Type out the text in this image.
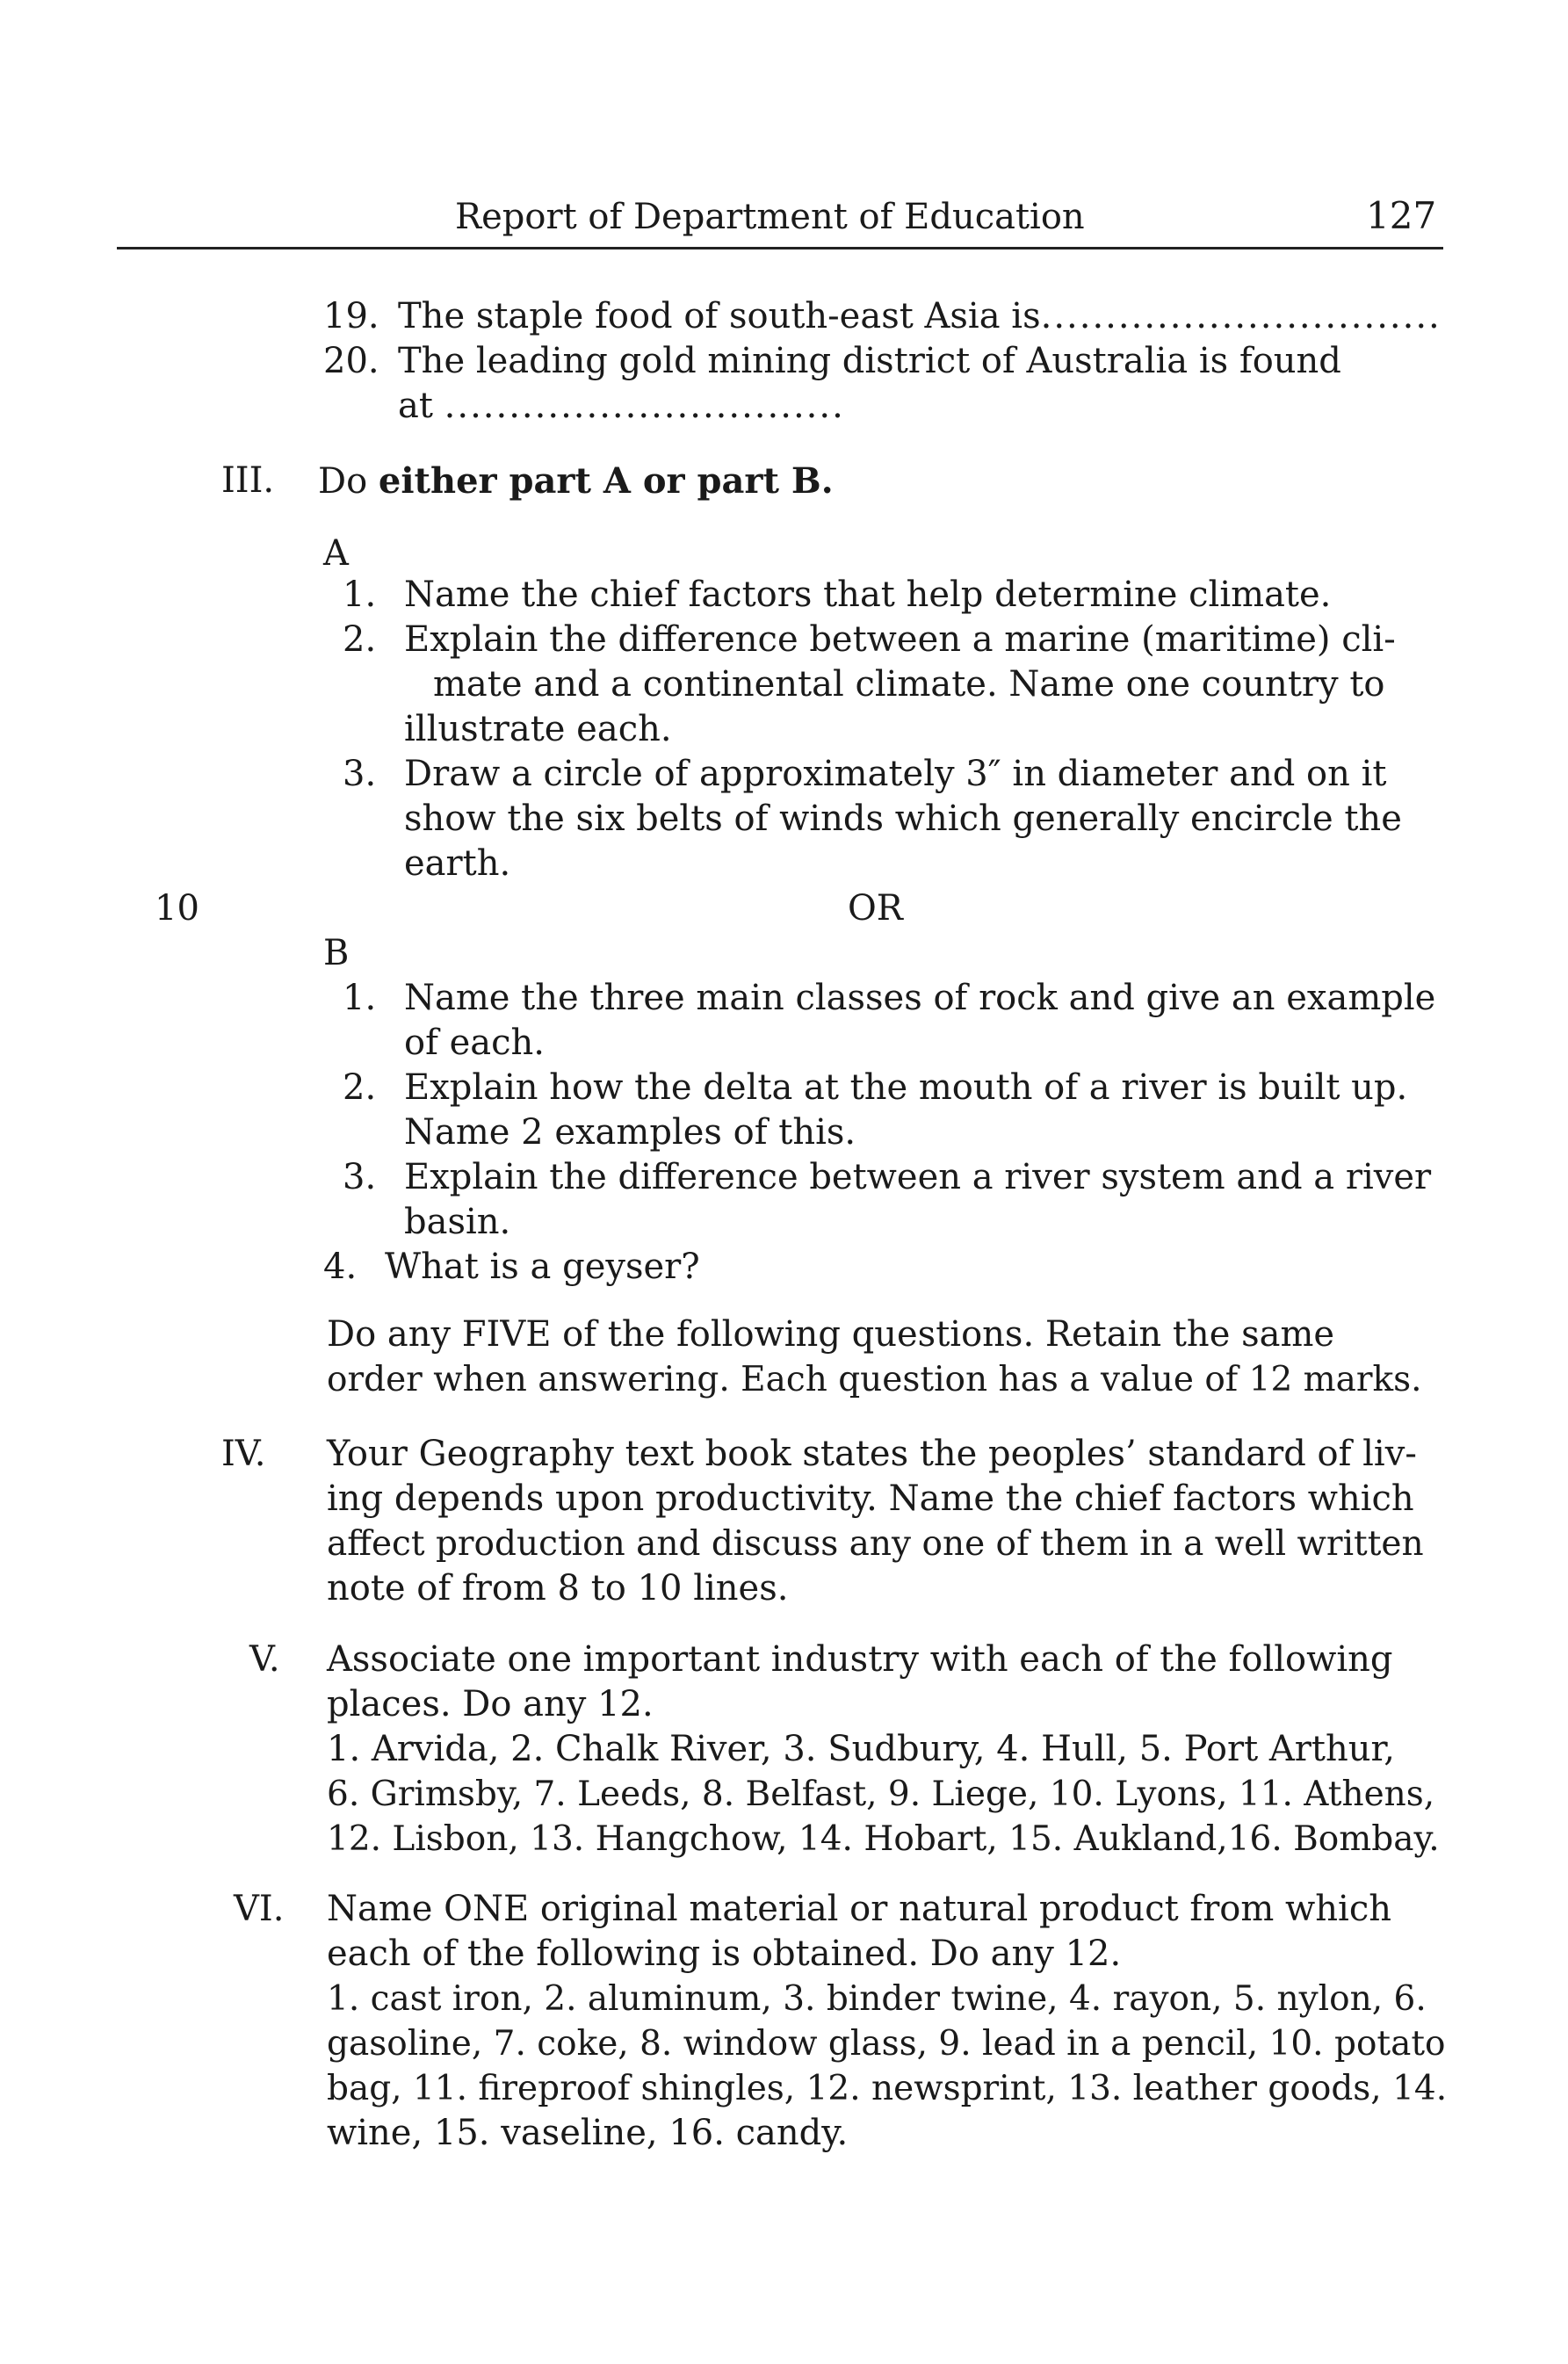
Report of Department of Education	127
19. The staple food of south-east Asia is...............................
20. The leading gold mining district of Australia is found
at ...............................
III. Do either part A or part B.
A
1. Name the chief factors that help determine climate.
2. Explain the difference between a marine (maritime) cli-
mate and a continental climate. Name one country to
illustrate each.
3. Draw a circle of approximately 3″ in diameter and on it
show the six belts of winds which generally encircle the
earth.
10	OR
B
1. Name the three main classes of rock and give an example
of each.
2. Explain how the delta at the mouth of a river is built up.
Name 2 examples of this.
3. Explain the difference between a river system and a river
basin.
4. What is a geyser?
Do any FIVE of the following questions. Retain the same
order when answering. Each question has a value of 12 marks.
IV. Your Geography text book states the peoples’ standard of liv-
ing depends upon productivity. Name the chief factors which
affect production and discuss any one of them in a well written
note of from 8 to 10 lines.
V. Associate one important industry with each of the following
places. Do any 12.
1. Arvida, 2. Chalk River, 3. Sudbury, 4. Hull, 5. Port Arthur,
6. Grimsby, 7. Leeds, 8. Belfast, 9. Liege, 10. Lyons, 11. Athens,
12. Lisbon, 13. Hangchow, 14. Hobart, 15. Aukland,16. Bombay.
VI. Name ONE original material or natural product from which
each of the following is obtained. Do any 12.
1. cast iron, 2. aluminum, 3. binder twine, 4. rayon, 5. nylon, 6.
gasoline, 7. coke, 8. window glass, 9. lead in a pencil, 10. potato
bag, 11. fireproof shingles, 12. newsprint, 13. leather goods, 14.
wine, 15. vaseline, 16. candy.
